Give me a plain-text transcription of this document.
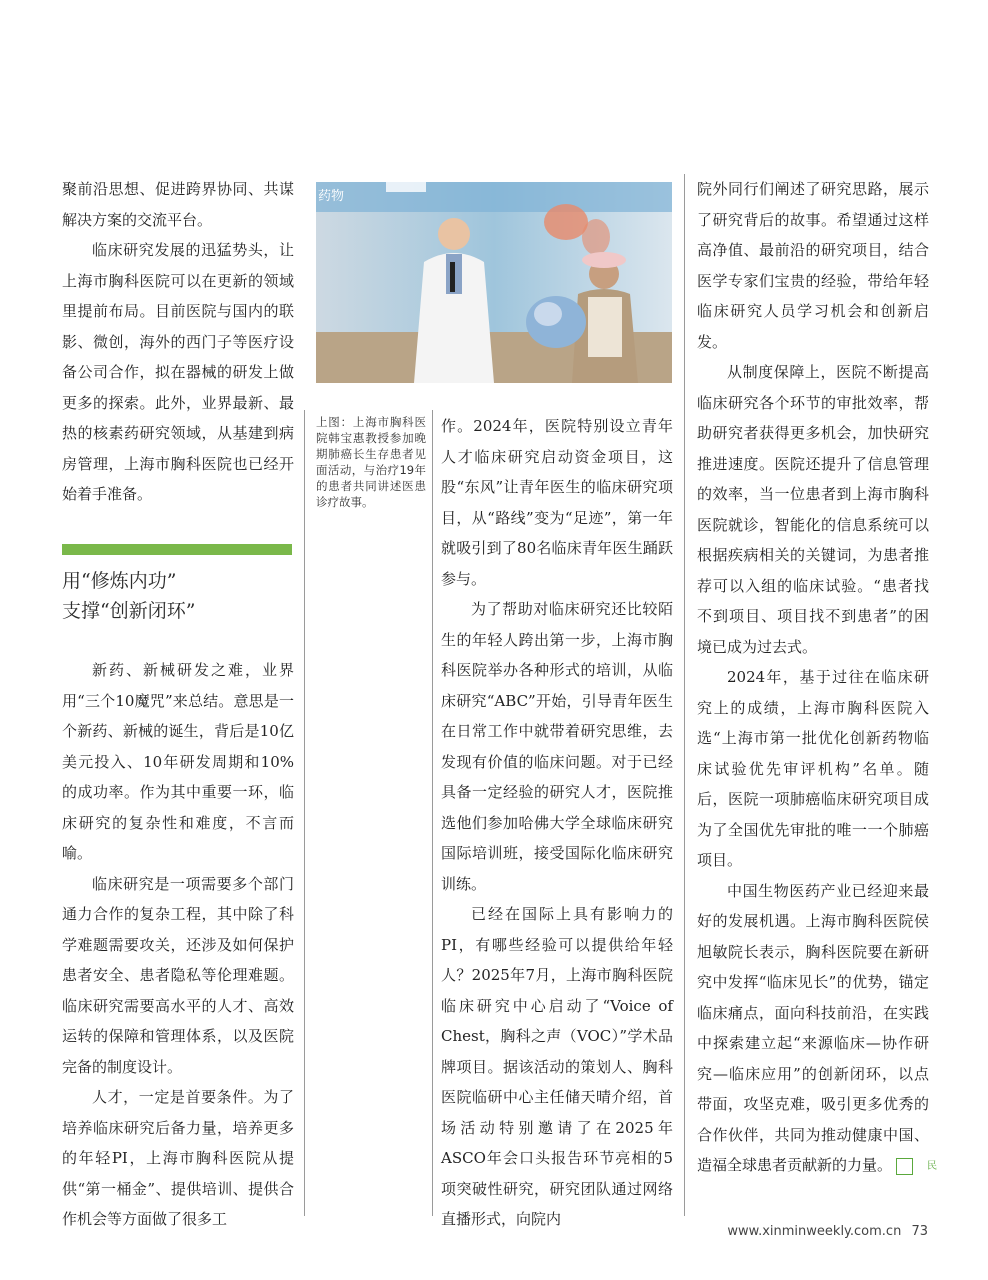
聚前沿思想、促进跨界协同、共谋解决方案的交流平台。

临床研究发展的迅猛势头，让上海市胸科医院可以在更新的领域里提前布局。目前医院与国内的联影、微创，海外的西门子等医疗设备公司合作，拟在器械的研发上做更多的探索。此外，业界最新、最热的核素药研究领域，从基建到病房管理，上海市胸科医院也已经开始着手准备。

用“修炼内功”
支撑“创新闭环”

新药、新械研发之难，业界用“三个10魔咒”来总结。意思是一个新药、新械的诞生，背后是10亿美元投入、10年研发周期和10%的成功率。作为其中重要一环，临床研究的复杂性和难度，不言而喻。

临床研究是一项需要多个部门通力合作的复杂工程，其中除了科学难题需要攻关，还涉及如何保护患者安全、患者隐私等伦理难题。临床研究需要高水平的人才、高效运转的保障和管理体系，以及医院完备的制度设计。

人才，一定是首要条件。为了培养临床研究后备力量，培养更多的年轻PI，上海市胸科医院从提供“第一桶金”、提供培训、提供合作机会等方面做了很多工

药物
上图：上海市胸科医院韩宝惠教授参加晚期肺癌长生存患者见面活动，与治疗19年的患者共同讲述医患诊疗故事。

作。2024年，医院特别设立青年人才临床研究启动资金项目，这股“东风”让青年医生的临床研究项目，从“路线”变为“足迹”，第一年就吸引到了80名临床青年医生踊跃参与。

为了帮助对临床研究还比较陌生的年轻人跨出第一步，上海市胸科医院举办各种形式的培训，从临床研究“ABC”开始，引导青年医生在日常工作中就带着研究思维，去发现有价值的临床问题。对于已经具备一定经验的研究人才，医院推选他们参加哈佛大学全球临床研究国际培训班，接受国际化临床研究训练。

已经在国际上具有影响力的PI，有哪些经验可以提供给年轻人？2025年7月，上海市胸科医院临床研究中心启动了“Voice of Chest，胸科之声（VOC）”学术品牌项目。据该活动的策划人、胸科医院临研中心主任储天晴介绍，首场活动特别邀请了在2025年ASCO年会口头报告环节亮相的5项突破性研究，研究团队通过网络直播形式，向院内

院外同行们阐述了研究思路，展示了研究背后的故事。希望通过这样高净值、最前沿的研究项目，结合医学专家们宝贵的经验，带给年轻临床研究人员学习机会和创新启发。

从制度保障上，医院不断提高临床研究各个环节的审批效率，帮助研究者获得更多机会，加快研究推进速度。医院还提升了信息管理的效率，当一位患者到上海市胸科医院就诊，智能化的信息系统可以根据疾病相关的关键词，为患者推荐可以入组的临床试验。“患者找不到项目、项目找不到患者”的困境已成为过去式。

2024年，基于过往在临床研究上的成绩，上海市胸科医院入选“上海市第一批优化创新药物临床试验优先审评机构”名单。随后，医院一项肺癌临床研究项目成为了全国优先审批的唯一一个肺癌项目。

中国生物医药产业已经迎来最好的发展机遇。上海市胸科医院侯旭敏院长表示，胸科医院要在新研究中发挥“临床见长”的优势，锚定临床痛点，面向科技前沿，在实践中探索建立起“来源临床—协作研究—临床应用”的创新闭环，以点带面，攻坚克难，吸引更多优秀的合作伙伴，共同为推动健康中国、造福全球患者贡献新的力量。	民

www.xinminweekly.com.cn 73
